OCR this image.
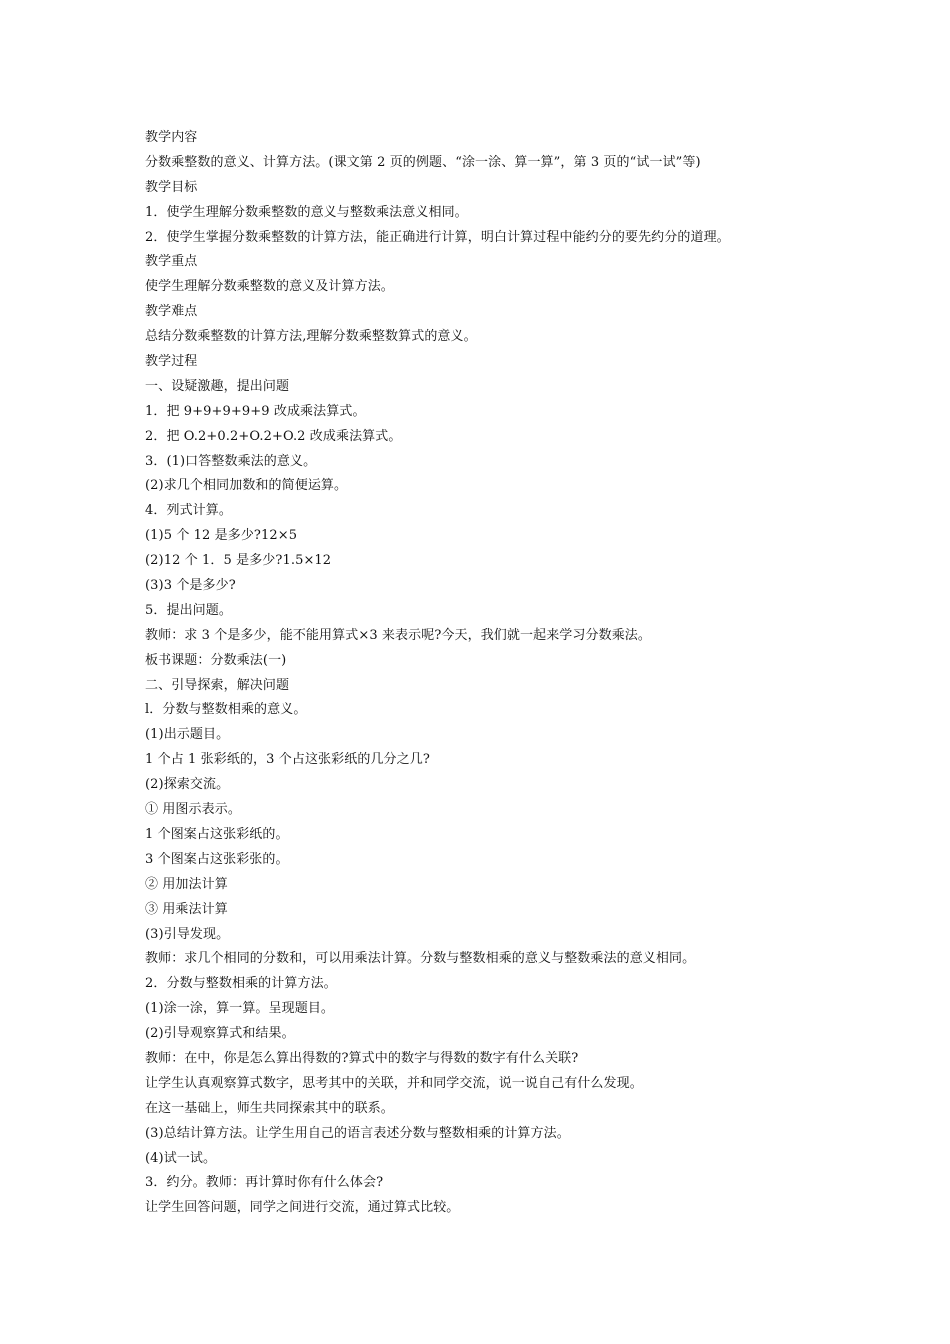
教学内容
分数乘整数的意义、计算方法。(课文第 2 页的例题、“涂一涂、算一算”，第 3 页的“试一试”等)
教学目标
1．使学生理解分数乘整数的意义与整数乘法意义相同。
2．使学生掌握分数乘整数的计算方法，能正确进行计算，明白计算过程中能约分的要先约分的道理。
教学重点
使学生理解分数乘整数的意义及计算方法。
教学难点
总结分数乘整数的计算方法,理解分数乘整数算式的意义。
教学过程
一、设疑激趣，提出问题
1．把 9+9+9+9+9 改成乘法算式。
2．把 O.2+0.2+O.2+O.2 改成乘法算式。
3．(1)口答整数乘法的意义。
(2)求几个相同加数和的简便运算。
4．列式计算。
(1)5 个 12 是多少?12×5
(2)12 个 1．5 是多少?1.5×12
(3)3 个是多少?
5．提出问题。
教师：求 3 个是多少，能不能用算式×3 来表示呢?今天，我们就一起来学习分数乘法。
板书课题：分数乘法(一)
二、引导探索，解决问题
l．分数与整数相乘的意义。
(1)出示题目。
1 个占 1 张彩纸的，3 个占这张彩纸的几分之几?
(2)探索交流。
① 用图示表示。
1 个图案占这张彩纸的。
3 个图案占这张彩张的。
② 用加法计算
③ 用乘法计算
(3)引导发现。
教师：求几个相同的分数和，可以用乘法计算。分数与整数相乘的意义与整数乘法的意义相同。
2．分数与整数相乘的计算方法。
(1)涂一涂，算一算。呈现题目。
(2)引导观察算式和结果。
教师：在中，你是怎么算出得数的?算式中的数字与得数的数字有什么关联?
让学生认真观察算式数字，思考其中的关联，并和同学交流，说一说自己有什么发现。
在这一基础上，师生共同探索其中的联系。
(3)总结计算方法。让学生用自己的语言表述分数与整数相乘的计算方法。
(4)试一试。
3．约分。教师：再计算时你有什么体会?
让学生回答问题，同学之间进行交流，通过算式比较。
